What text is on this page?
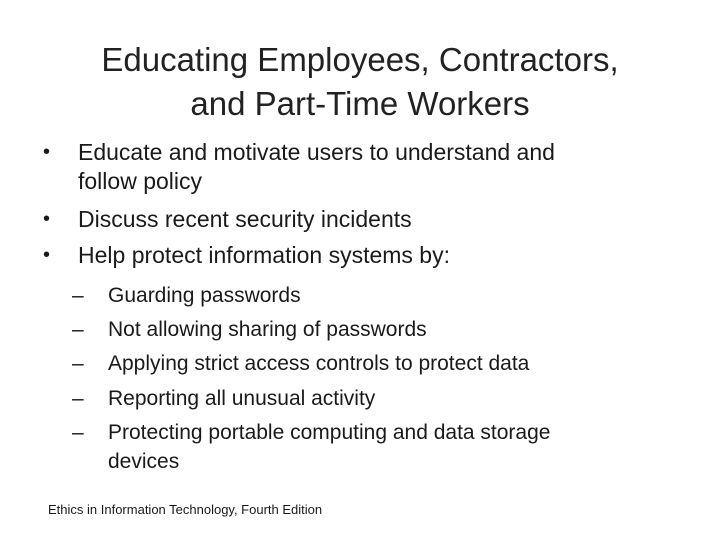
Educating Employees, Contractors,
and Part-Time Workers
• Educate and motivate users to understand and
follow policy
• Discuss recent security incidents
• Help protect information systems by:
– Guarding passwords
– Not allowing sharing of passwords
– Applying strict access controls to protect data
– Reporting all unusual activity
– Protecting portable computing and data storage
devices
Ethics in Information Technology, Fourth Edition
